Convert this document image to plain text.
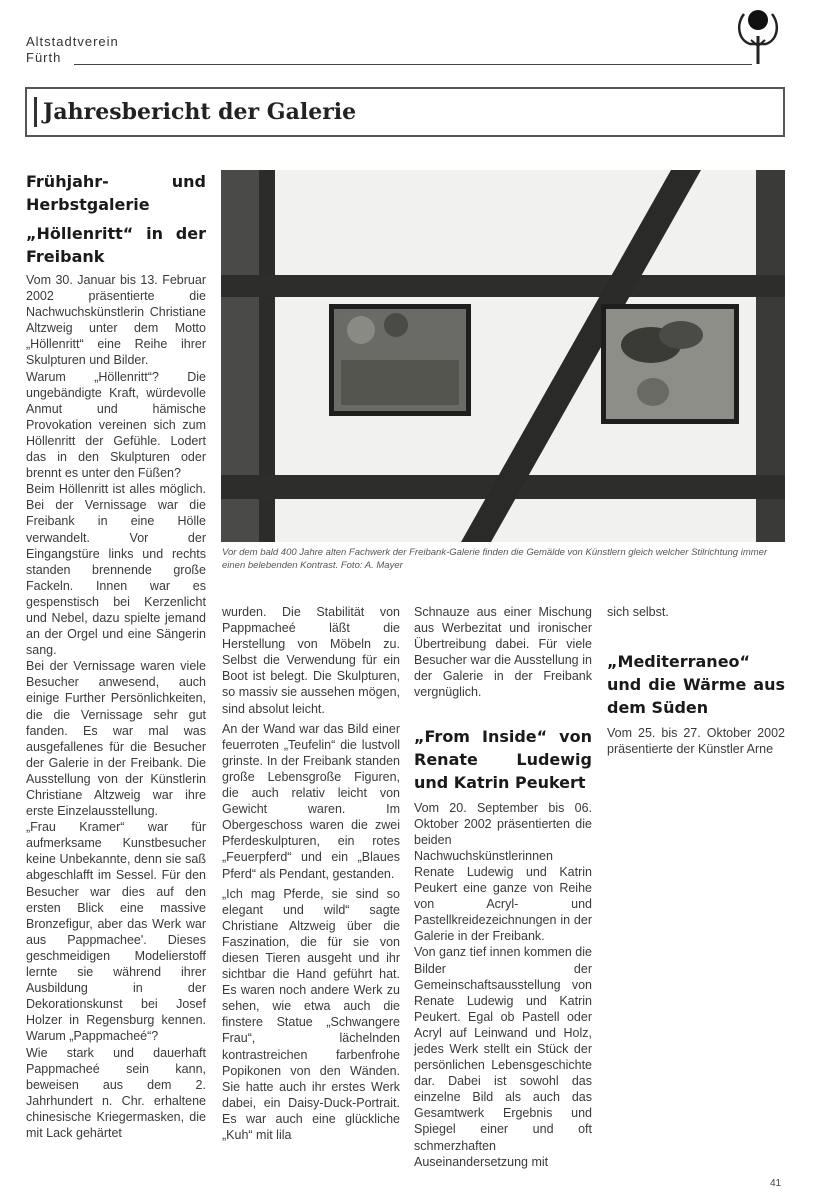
Altstadtverein
Fürth
Jahresbericht der Galerie

Frühjahr- und Herbstgalerie

„Höllenritt“ in der Freibank

Vom 30. Januar bis 13. Februar 2002 präsentierte die Nachwuchskünstlerin Christiane Altzweig unter dem Motto „Höllenritt“ eine Reihe ihrer Skulpturen und Bilder.

Warum „Höllenritt“? Die ungebändigte Kraft, würdevolle Anmut und hämische Provokation vereinen sich zum Höllenritt der Gefühle. Lodert das in den Skulpturen oder brennt es unter den Füßen?

Beim Höllenritt ist alles möglich. Bei der Vernissage war die Freibank in eine Hölle verwandelt. Vor der Eingangstüre links und rechts standen brennende große Fackeln. Innen war es gespenstisch bei Kerzenlicht und Nebel, dazu spielte jemand an der Orgel und eine Sängerin sang.

Bei der Vernissage waren viele Besucher anwesend, auch einige Further Persönlichkeiten, die die Vernissage sehr gut fanden. Es war mal was ausgefallenes für die Besucher der Galerie in der Freibank. Die Ausstellung von der Künstlerin Christiane Altzweig war ihre erste Einzelausstellung.

„Frau Kramer“ war für aufmerksame Kunstbesucher keine Unbekannte, denn sie saß abgeschlafft im Sessel. Für den Besucher war dies auf den ersten Blick eine massive Bronzefigur, aber das Werk war aus Pappmachee'. Dieses geschmeidigen Modelierstoff lernte sie während ihrer Ausbildung in der Dekorationskunst bei Josef Holzer in Regensburg kennen. Warum „Pappmacheé“?

Wie stark und dauerhaft Pappmacheé sein kann, beweisen aus dem 2. Jahrhundert n. Chr. erhaltene chinesische Kriegermasken, die mit Lack gehärtet

Vor dem bald 400 Jahre alten Fachwerk der Freibank-Galerie finden die Gemälde von Künstlern gleich welcher Stilrichtung immer einen belebenden Kontrast. Foto: A. Mayer

wurden. Die Stabilität von Pappmacheé läßt die Herstellung von Möbeln zu. Selbst die Verwendung für ein Boot ist belegt. Die Skulpturen, so massiv sie aussehen mögen, sind absolut leicht.

An der Wand war das Bild einer feuerroten „Teufelin“ die lustvoll grinste. In der Freibank standen große Lebensgroße Figuren, die auch relativ leicht von Gewicht waren. Im Obergeschoss waren die zwei Pferdeskulpturen, ein rotes „Feuerpferd“ und ein „Blaues Pferd“ als Pendant, gestanden.

„Ich mag Pferde, sie sind so elegant und wild“ sagte Christiane Altzweig über die Faszination, die für sie von diesen Tieren ausgeht und ihr sichtbar die Hand geführt hat. Es waren noch andere Werk zu sehen, wie etwa auch die finstere Statue „Schwangere Frau“, lächelnden kontrastreichen farbenfrohe Popikonen von den Wänden. Sie hatte auch ihr erstes Werk dabei, ein Daisy-Duck-Portrait. Es war auch eine glückliche „Kuh“ mit lila

Schnauze aus einer Mischung aus Werbezitat und ironischer Übertreibung dabei. Für viele Besucher war die Ausstellung in der Galerie in der Freibank vergnüglich.

„From Inside“ von Renate Ludewig und Katrin Peukert

Vom 20. September bis 06. Oktober 2002 präsentierten die beiden Nachwuchskünstlerinnen Renate Ludewig und Katrin Peukert eine ganze von Reihe von Acryl- und Pastellkreidezeichnungen in der Galerie in der Freibank.

Von ganz tief innen kommen die Bilder der Gemeinschaftsausstellung von Renate Ludewig und Katrin Peukert. Egal ob Pastell oder Acryl auf Leinwand und Holz, jedes Werk stellt ein Stück der persönlichen Lebensgeschichte dar. Dabei ist sowohl das einzelne Bild als auch das Gesamtwerk Ergebnis und Spiegel einer und oft schmerzhaften Auseinandersetzung mit

sich selbst.

„Mediterraneo“ und die Wärme aus dem Süden

Vom 25. bis 27. Oktober 2002 präsentierte der Künstler Arne

41
